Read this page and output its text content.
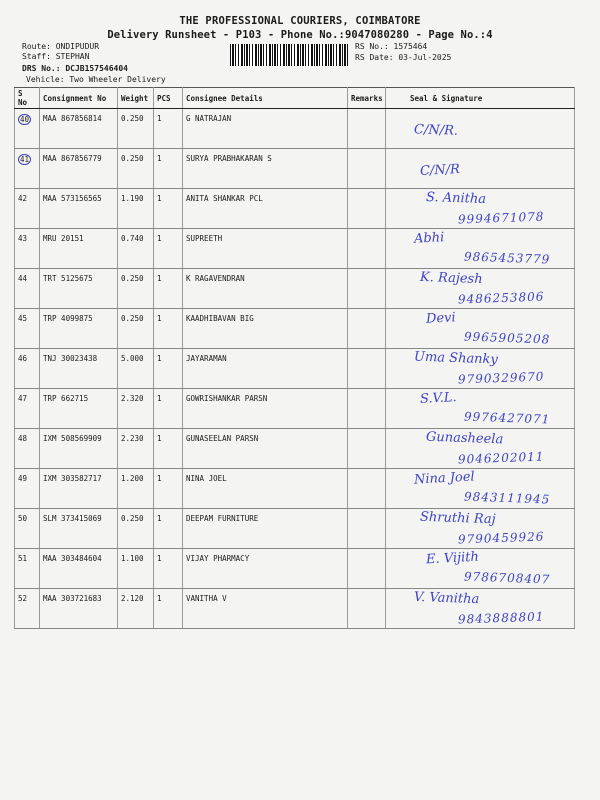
THE PROFESSIONAL COURIERS, COIMBATORE
Delivery Runsheet - P103 - Phone No.:9047080280 - Page No.:4
Route: ONDIPUDUR
Staff: STEPHAN
DRS No.: DCJB157546404
Vehicle: Two Wheeler Delivery
RS No.: 1575464
RS Date: 03-Jul-2025
S No	Consignment No	Weight	PCS	Consignee Details	Remarks	Seal & Signature
40	MAA 867856814	0.250	1	G NATRAJAN		C/N/R.

41	MAA 867856779	0.250	1	SURYA PRABHAKARAN S		C/N/R

42	MAA 573156565	1.190	1	ANITA SHANKAR PCL		S. Anitha
9994671078

43	MRU 20151	0.740	1	SUPREETH		Abhi
9865453779

44	TRT 5125675	0.250	1	K RAGAVENDRAN		K. Rajesh
9486253806

45	TRP 4099875	0.250	1	KAADHIBAVAN BIG		Devi
9965905208

46	TNJ 30023438	5.000	1	JAYARAMAN		Uma Shanky
9790329670

47	TRP 662715	2.320	1	GOWRISHANKAR PARSN		S.V.L.
9976427071

48	IXM 508569909	2.230	1	GUNASEELAN PARSN		Gunasheela
9046202011

49	IXM 303582717	1.200	1	NINA JOEL		Nina Joel
9843111945

50	SLM 373415069	0.250	1	DEEPAM FURNITURE		Shruthi Raj
9790459926

51	MAA 303484604	1.100	1	VIJAY PHARMACY		E. Vijith
9786708407

52	MAA 303721683	2.120	1	VANITHA V		V. Vanitha
9843888801
